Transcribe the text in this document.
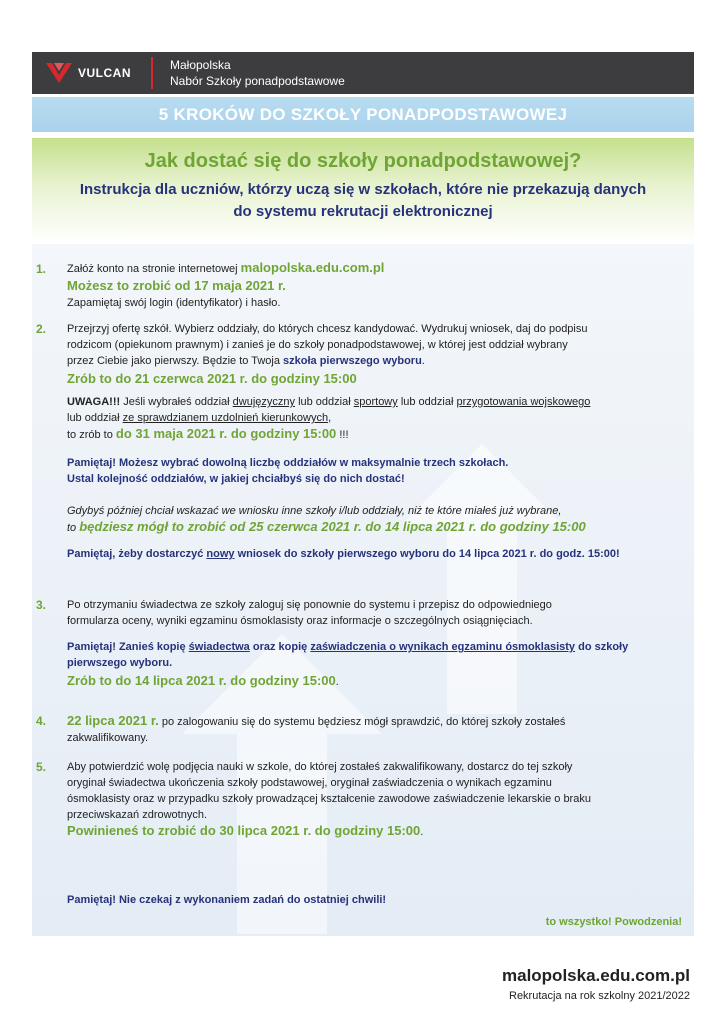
VULCAN
Małopolska
Nabór Szkoły ponadpodstawowe
5 KROKÓW DO SZKOŁY PONADPODSTAWOWEJ
Jak dostać się do szkoły ponadpodstawowej?
Instrukcja dla uczniów, którzy uczą się w szkołach, które nie przekazują danych
do systemu rekrutacji elektronicznej
1. Załóż konto na stronie internetowej malopolska.edu.com.pl
Możesz to zrobić od 17 maja 2021 r.
Zapamiętaj swój login (identyfikator) i hasło.
2. Przejrzyj ofertę szkół. Wybierz oddziały, do których chcesz kandydować. Wydrukuj wniosek, daj do podpisu
rodzicom (opiekunom prawnym) i zanieś je do szkoły ponadpodstawowej, w której jest oddział wybrany
przez Ciebie jako pierwszy. Będzie to Twoja szkoła pierwszego wyboru.
Zrób to do 21 czerwca 2021 r. do godziny 15:00
UWAGA!!! Jeśli wybrałeś oddział dwujęzyczny lub oddział sportowy lub oddział przygotowania wojskowego
lub oddział ze sprawdzianem uzdolnień kierunkowych,
to zrób to do 31 maja 2021 r. do godziny 15:00 !!!
Pamiętaj! Możesz wybrać dowolną liczbę oddziałów w maksymalnie trzech szkołach.
Ustal kolejność oddziałów, w jakiej chciałbyś się do nich dostać!
Gdybyś później chciał wskazać we wniosku inne szkoły i/lub oddziały, niż te które miałeś już wybrane,
to będziesz mógł to zrobić od 25 czerwca 2021 r. do 14 lipca 2021 r. do godziny 15:00
Pamiętaj, żeby dostarczyć nowy wniosek do szkoły pierwszego wyboru do 14 lipca 2021 r. do godz. 15:00!
3. Po otrzymaniu świadectwa ze szkoły zaloguj się ponownie do systemu i przepisz do odpowiedniego
formularza oceny, wyniki egzaminu ósmoklasisty oraz informacje o szczególnych osiągnięciach.
Pamiętaj! Zanieś kopię świadectwa oraz kopię zaświadczenia o wynikach egzaminu ósmoklasisty do szkoły
pierwszego wyboru.
Zrób to do 14 lipca 2021 r. do godziny 15:00.
4. 22 lipca 2021 r. po zalogowaniu się do systemu będziesz mógł sprawdzić, do której szkoły zostałeś
zakwalifikowany.
5. Aby potwierdzić wolę podjęcia nauki w szkole, do której zostałeś zakwalifikowany, dostarcz do tej szkoły
oryginał świadectwa ukończenia szkoły podstawowej, oryginał zaświadczenia o wynikach egzaminu
ósmoklasisty oraz w przypadku szkoły prowadzącej kształcenie zawodowe zaświadczenie lekarskie o braku
przeciwskazań zdrowotnych.
Powinieneś to zrobić do 30 lipca 2021 r. do godziny 15:00.
Pamiętaj! Nie czekaj z wykonaniem zadań do ostatniej chwili!
to wszystko! Powodzenia!
malopolska.edu.com.pl
Rekrutacja na rok szkolny 2021/2022
